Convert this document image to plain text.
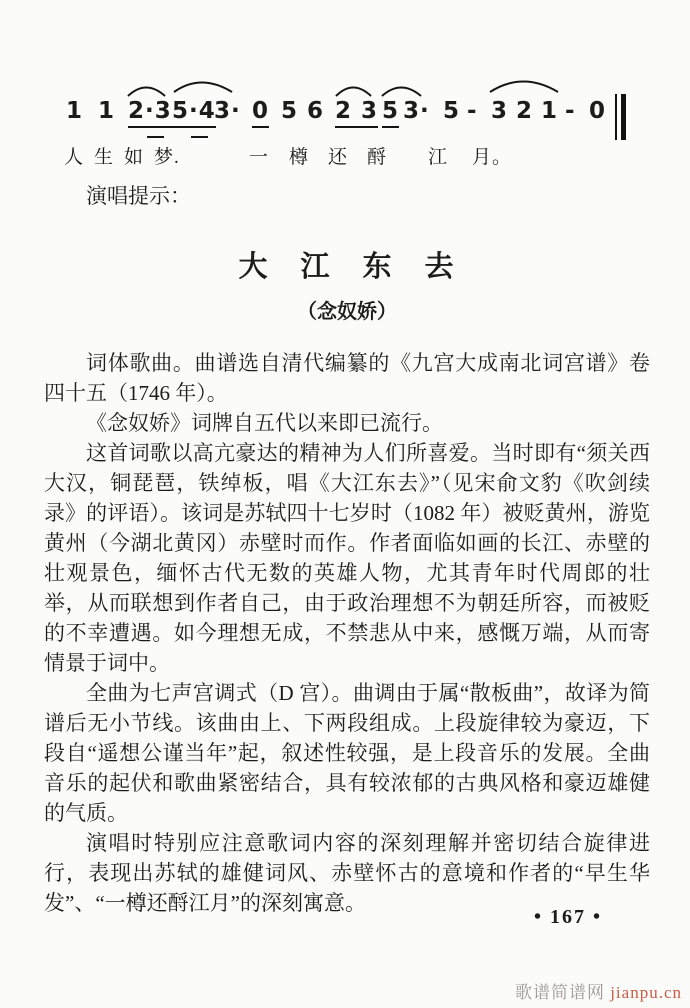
1 1 2·3 5·4
3· 0 5 6 2 3 5 3· 5 - 3 2 1 - 0
人 生 如 梦.	一 樽 还 酹 江 月。

演唱提示：

大　江　东　去
（念奴娇）

词体歌曲。曲谱选自清代编纂的《九宫大成南北词宫谱》卷四十五（1746 年）。

《念奴娇》词牌自五代以来即已流行。

这首词歌以高亢豪达的精神为人们所喜爱。当时即有“须关西大汉，铜琵琶，铁绰板，唱《大江东去》”（见宋俞文豹《吹剑续录》的评语）。该词是苏轼四十七岁时（1082 年）被贬黄州，游览黄州（今湖北黄冈）赤壁时而作。作者面临如画的长江、赤壁的壮观景色，缅怀古代无数的英雄人物，尤其青年时代周郎的壮举，从而联想到作者自己，由于政治理想不为朝廷所容，而被贬的不幸遭遇。如今理想无成，不禁悲从中来，感慨万端，从而寄情景于词中。

全曲为七声宫调式（D 宫）。曲调由于属“散板曲”，故译为简谱后无小节线。该曲由上、下两段组成。上段旋律较为豪迈，下段自“遥想公谨当年”起，叙述性较强，是上段音乐的发展。全曲音乐的起伏和歌曲紧密结合，具有较浓郁的古典风格和豪迈雄健的气质。

演唱时特别应注意歌词内容的深刻理解并密切结合旋律进行，表现出苏轼的雄健词风、赤壁怀古的意境和作者的“早生华发”、“一樽还酹江月”的深刻寓意。

• 167 •
歌谱简谱网 jianpu.cn
